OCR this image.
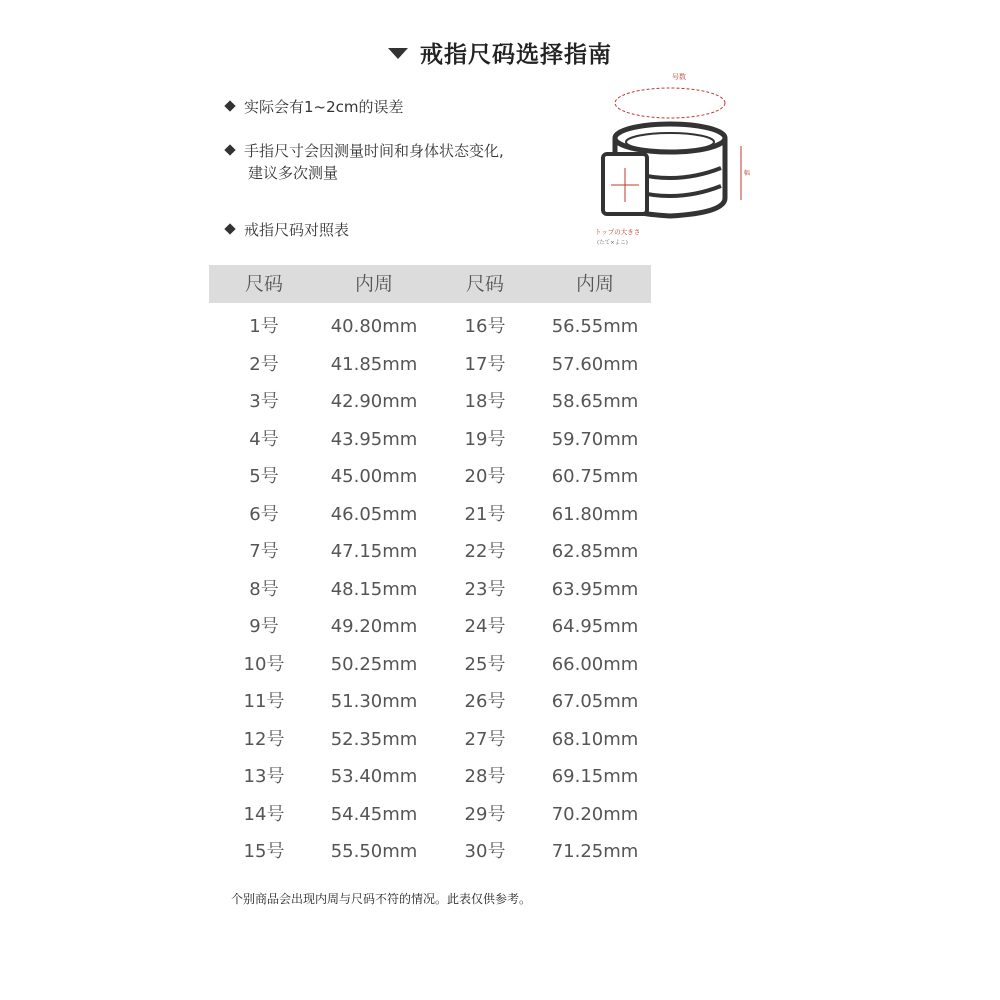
戒指尺码选择指南
实际会有1~2cm的误差
手指尺寸会因测量时间和身体状态变化,
建议多次测量
戒指尺码对照表
号数
幅
トップの大きさ
(たて×よこ)
尺码	内周	尺码	内周
1号	40.80mm	16号	56.55mm
2号	41.85mm	17号	57.60mm
3号	42.90mm	18号	58.65mm
4号	43.95mm	19号	59.70mm
5号	45.00mm	20号	60.75mm
6号	46.05mm	21号	61.80mm
7号	47.15mm	22号	62.85mm
8号	48.15mm	23号	63.95mm
9号	49.20mm	24号	64.95mm
10号	50.25mm	25号	66.00mm
11号	51.30mm	26号	67.05mm
12号	52.35mm	27号	68.10mm
13号	53.40mm	28号	69.15mm
14号	54.45mm	29号	70.20mm
15号	55.50mm	30号	71.25mm
个别商品会出现内周与尺码不符的情况。此表仅供参考。
